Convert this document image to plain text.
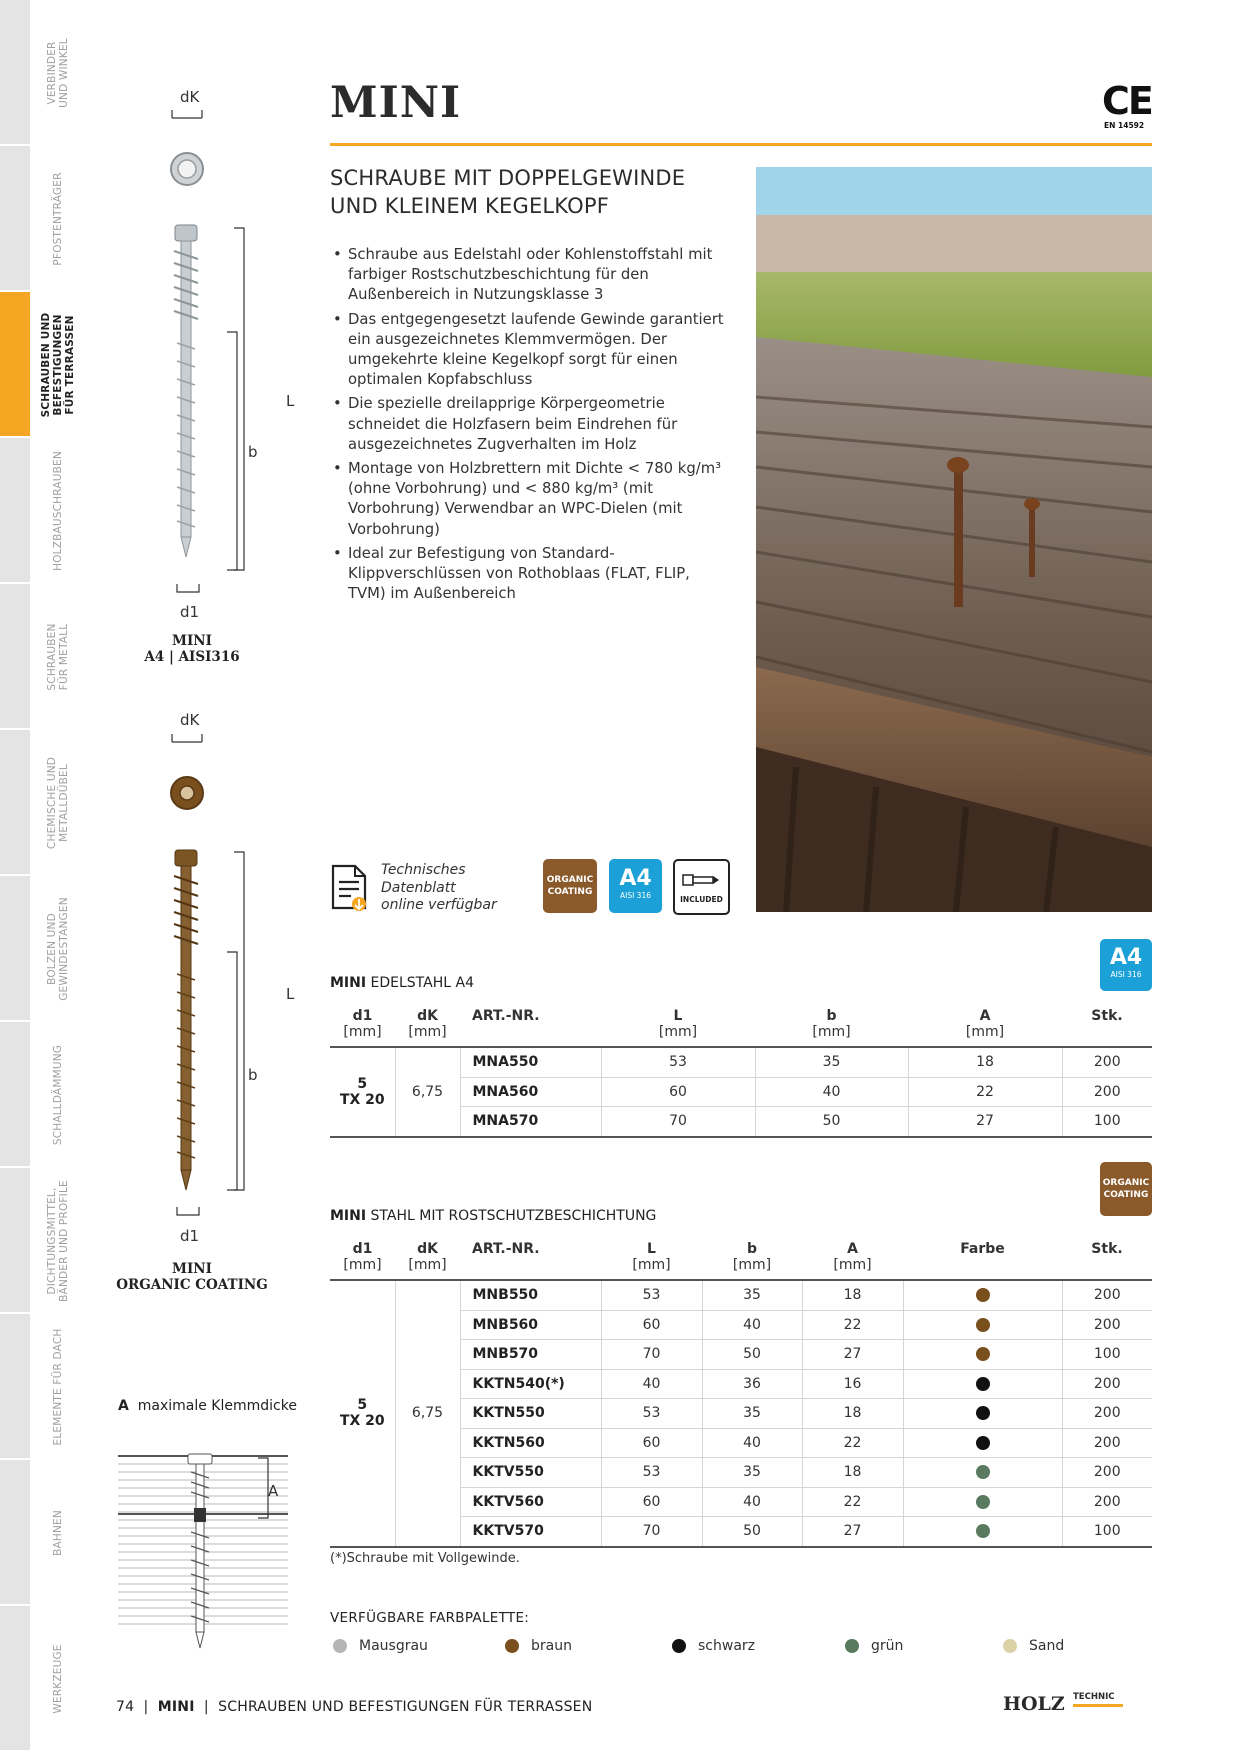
VERBINDER
UND WINKEL
PFOSTENTRÄGER
SCHRAUBEN UND
BEFESTIGUNGEN
FÜR TERRASSEN
HOLZBAUSCHRAUBEN
SCHRAUBEN
FÜR METALL
CHEMISCHE UND
METALLDÜBEL
BOLZEN UND
GEWINDESTANGEN
SCHALLDÄMMUNG
DICHTUNGSMITTEL,
BÄNDER UND PROFILE
ELEMENTE FÜR DACH
BAHNEN
WERKZEUGE
MINI	CE
EN 14592
SCHRAUBE MIT DOPPELGEWINDE UND KLEINEM KEGELKOPF
• Schraube aus Edelstahl oder Kohlenstoffstahl mit farbiger Rostschutzbeschichtung für den Außenbereich in Nutzungsklasse 3
• Das entgegengesetzt laufende Gewinde garantiert ein ausgezeichnetes Klemmvermögen. Der umgekehrte kleine Kegelkopf sorgt für einen optimalen Kopfabschluss
• Die spezielle dreilapprige Körpergeometrie schneidet die Holzfasern beim Eindrehen für ausgezeichnetes Zugverhalten im Holz
• Montage von Holzbrettern mit Dichte < 780 kg/m³ (ohne Vorbohrung) und < 880 kg/m³ (mit Vorbohrung) Verwendbar an WPC-Dielen (mit Vorbohrung)
• Ideal zur Befestigung von Standard-Klippverschlüssen von Rothoblaas (FLAT, FLIP, TVM) im Außenbereich
dK
L
b
d1
MINI
A4 | AISI316
dK
L
b
d1
MINI
ORGANIC COATING
A maximale Klemmdicke
A
Technisches
Datenblatt
online verfügbar
ORGANIC
COATING
A4
AISI 316	INCLUDED
A4
AISI 316
MINI EDELSTAHL A4
d1	dK	ART.-NR.	L	b	A	Stk.
[mm]	[mm]		[mm]	[mm]	[mm]	

5
TX 20	6,75	MNA550	53	35	18	200
		MNA560	60	40	22	200
		MNA570	70	50	27	100
ORGANIC
COATING
MINI STAHL MIT ROSTSCHUTZBESCHICHTUNG
d1	dK	ART.-NR.	L	b	A	Farbe	Stk.
[mm]	[mm]		[mm]	[mm]	[mm]		

5
TX 20	6,75	MNB550	53	35	18		200
		MNB560	60	40	22		200
		MNB570	70	50	27		100
		KKTN540(*)	40	36	16		200
		KKTN550	53	35	18		200
		KKTN560	60	40	22		200
		KKTV550	53	35	18		200
		KKTV560	60	40	22		200
		KKTV570	70	50	27		100
(*)Schraube mit Vollgewinde.
VERFÜGBARE FARBPALETTE:
Mausgrau	braun	schwarz	grün	Sand
74  |  MINI  |  SCHRAUBEN UND BEFESTIGUNGEN FÜR TERRASSEN	HOLZ TECHNIC
